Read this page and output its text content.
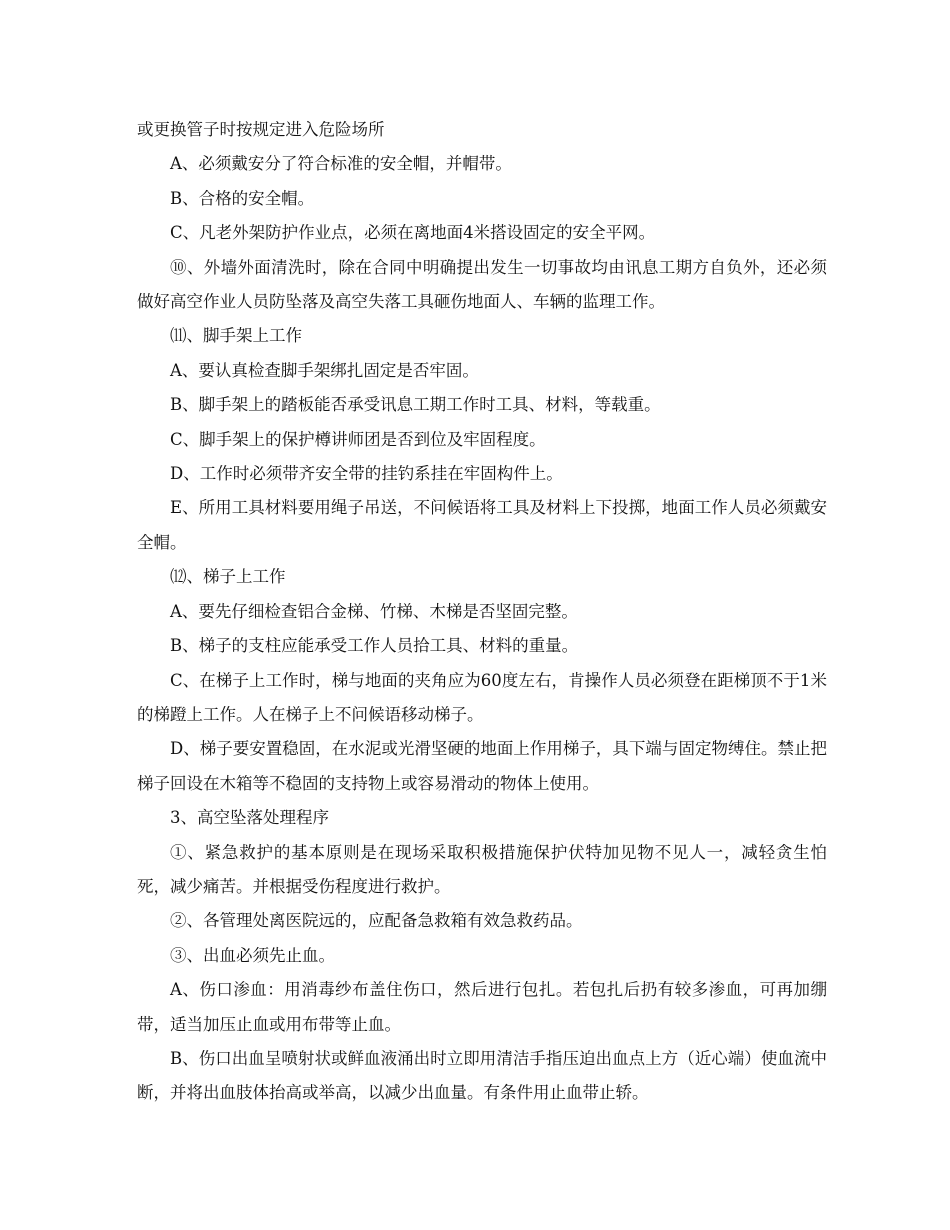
或更换管子时按规定进入危险场所

A、必须戴安分了符合标准的安全帽，并帽带。

B、合格的安全帽。

C、凡老外架防护作业点，必须在离地面4米搭设固定的安全平网。

⑩、外墙外面清洗时，除在合同中明确提出发生一切事故均由讯息工期方自负外，还必须做好高空作业人员防坠落及高空失落工具砸伤地面人、车辆的监理工作。

⑾、脚手架上工作

A、要认真检查脚手架绑扎固定是否牢固。

B、脚手架上的踏板能否承受讯息工期工作时工具、材料，等载重。

C、脚手架上的保护樽讲师团是否到位及牢固程度。

D、工作时必须带齐安全带的挂钓系挂在牢固构件上。

E、所用工具材料要用绳子吊送，不问候语将工具及材料上下投掷，地面工作人员必须戴安全帽。

⑿、梯子上工作

A、要先仔细检查铝合金梯、竹梯、木梯是否坚固完整。

B、梯子的支柱应能承受工作人员拾工具、材料的重量。

C、在梯子上工作时，梯与地面的夹角应为60度左右，肯操作人员必须登在距梯顶不于1米的梯蹬上工作。人在梯子上不问候语移动梯子。

D、梯子要安置稳固，在水泥或光滑坚硬的地面上作用梯子，具下端与固定物缚住。禁止把梯子回设在木箱等不稳固的支持物上或容易滑动的物体上使用。

3、高空坠落处理程序

①、紧急救护的基本原则是在现场采取积极措施保护伏特加见物不见人一，减轻贪生怕死，减少痛苦。并根据受伤程度进行救护。

②、各管理处离医院远的，应配备急救箱有效急救药品。

③、出血必须先止血。

A、伤口渗血：用消毒纱布盖住伤口，然后进行包扎。若包扎后扔有较多渗血，可再加绷带，适当加压止血或用布带等止血。

B、伤口出血呈喷射状或鲜血液涌出时立即用清洁手指压迫出血点上方（近心端）使血流中断，并将出血肢体抬高或举高，以减少出血量。有条件用止血带止轿。
